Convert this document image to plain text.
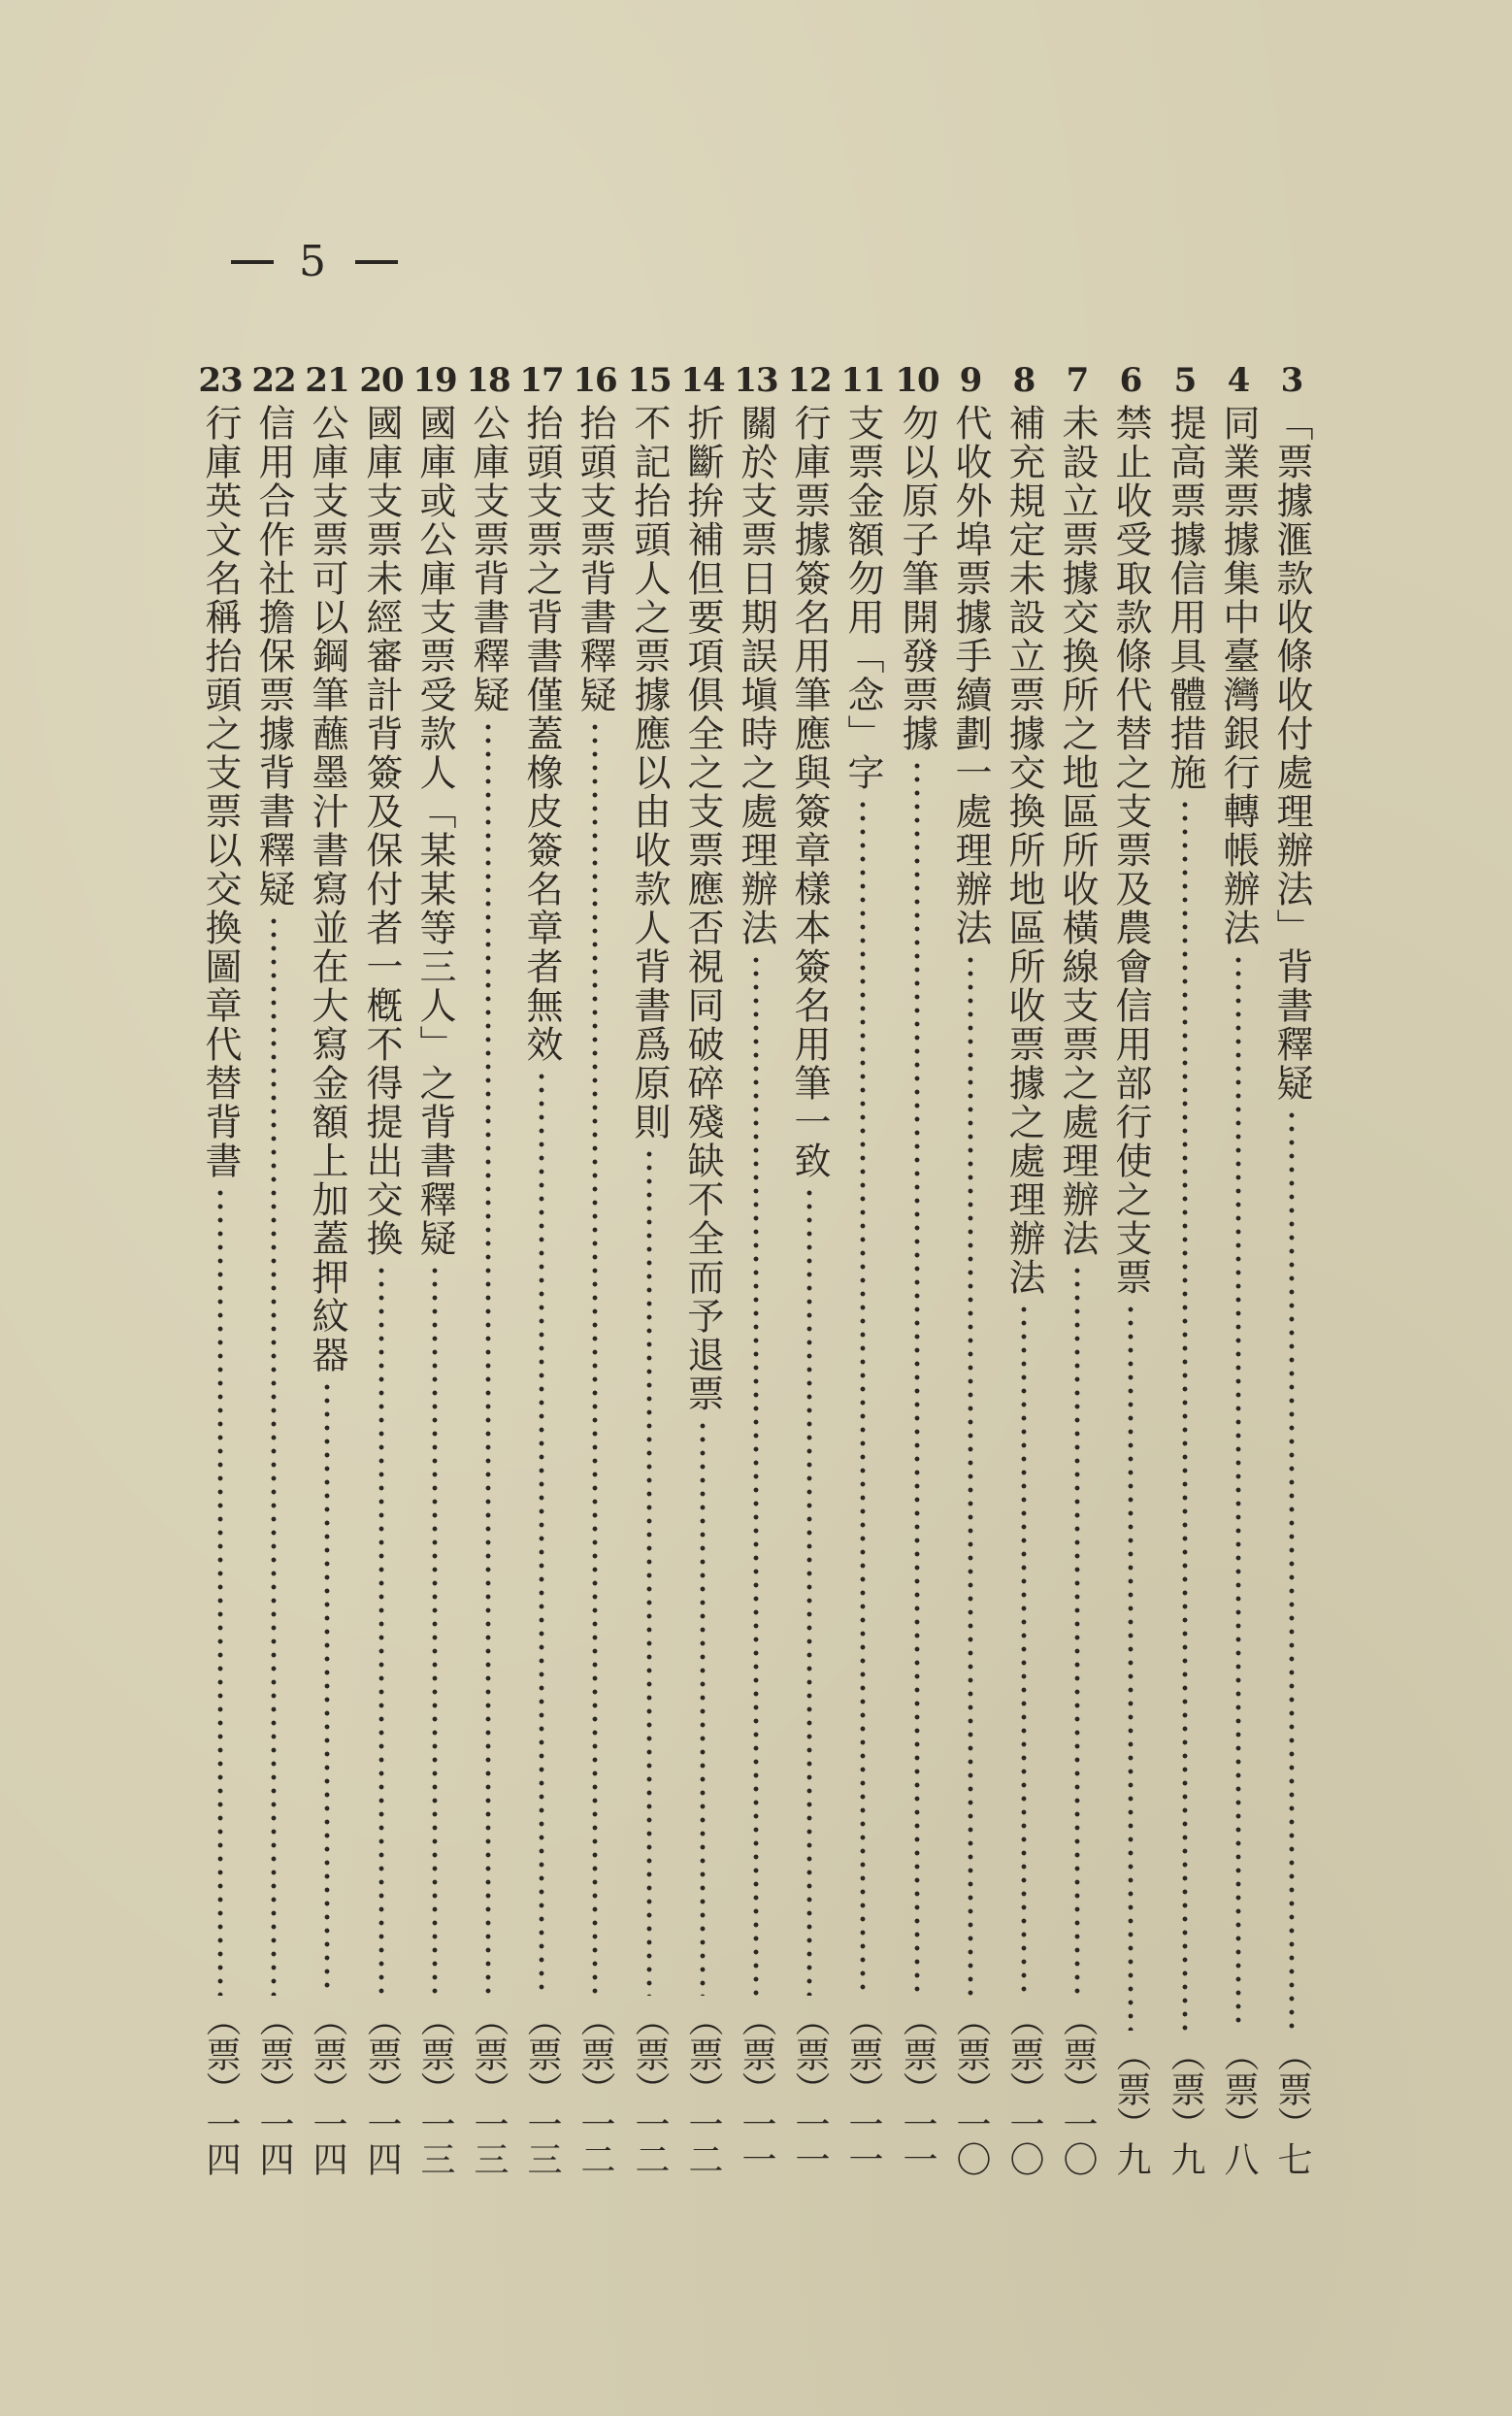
5
3
「票據滙款收條收付處理辦法」背書釋疑
（票）七
4
同業票據集中臺灣銀行轉帳辦法
（票）八
5
提高票據信用具體措施
（票）九
6
禁止收受取款條代替之支票及農會信用部行使之支票
（票）九
7
未設立票據交換所之地區所收橫線支票之處理辦法
（票）一〇
8
補充規定未設立票據交換所地區所收票據之處理辦法
（票）一〇
9
代收外埠票據手續劃一處理辦法
（票）一〇
10
勿以原子筆開發票據
（票）一一
11
支票金額勿用「念」字
（票）一一
12
行庫票據簽名用筆應與簽章樣本簽名用筆一致
（票）一一
13
關於支票日期誤塡時之處理辦法
（票）一一
14
折斷拚補但要項俱全之支票應否視同破碎殘缺不全而予退票
（票）一二
15
不記抬頭人之票據應以由收款人背書爲原則
（票）一二
16
抬頭支票背書釋疑
（票）一二
17
抬頭支票之背書僅蓋橡皮簽名章者無效
（票）一三
18
公庫支票背書釋疑
（票）一三
19
國庫或公庫支票受款人「某某等三人」之背書釋疑
（票）一三
20
國庫支票未經審計背簽及保付者一槪不得提出交換
（票）一四
21
公庫支票可以鋼筆蘸墨汁書寫並在大寫金額上加蓋押紋器
（票）一四
22
信用合作社擔保票據背書釋疑
（票）一四
23
行庫英文名稱抬頭之支票以交換圖章代替背書
（票）一四
